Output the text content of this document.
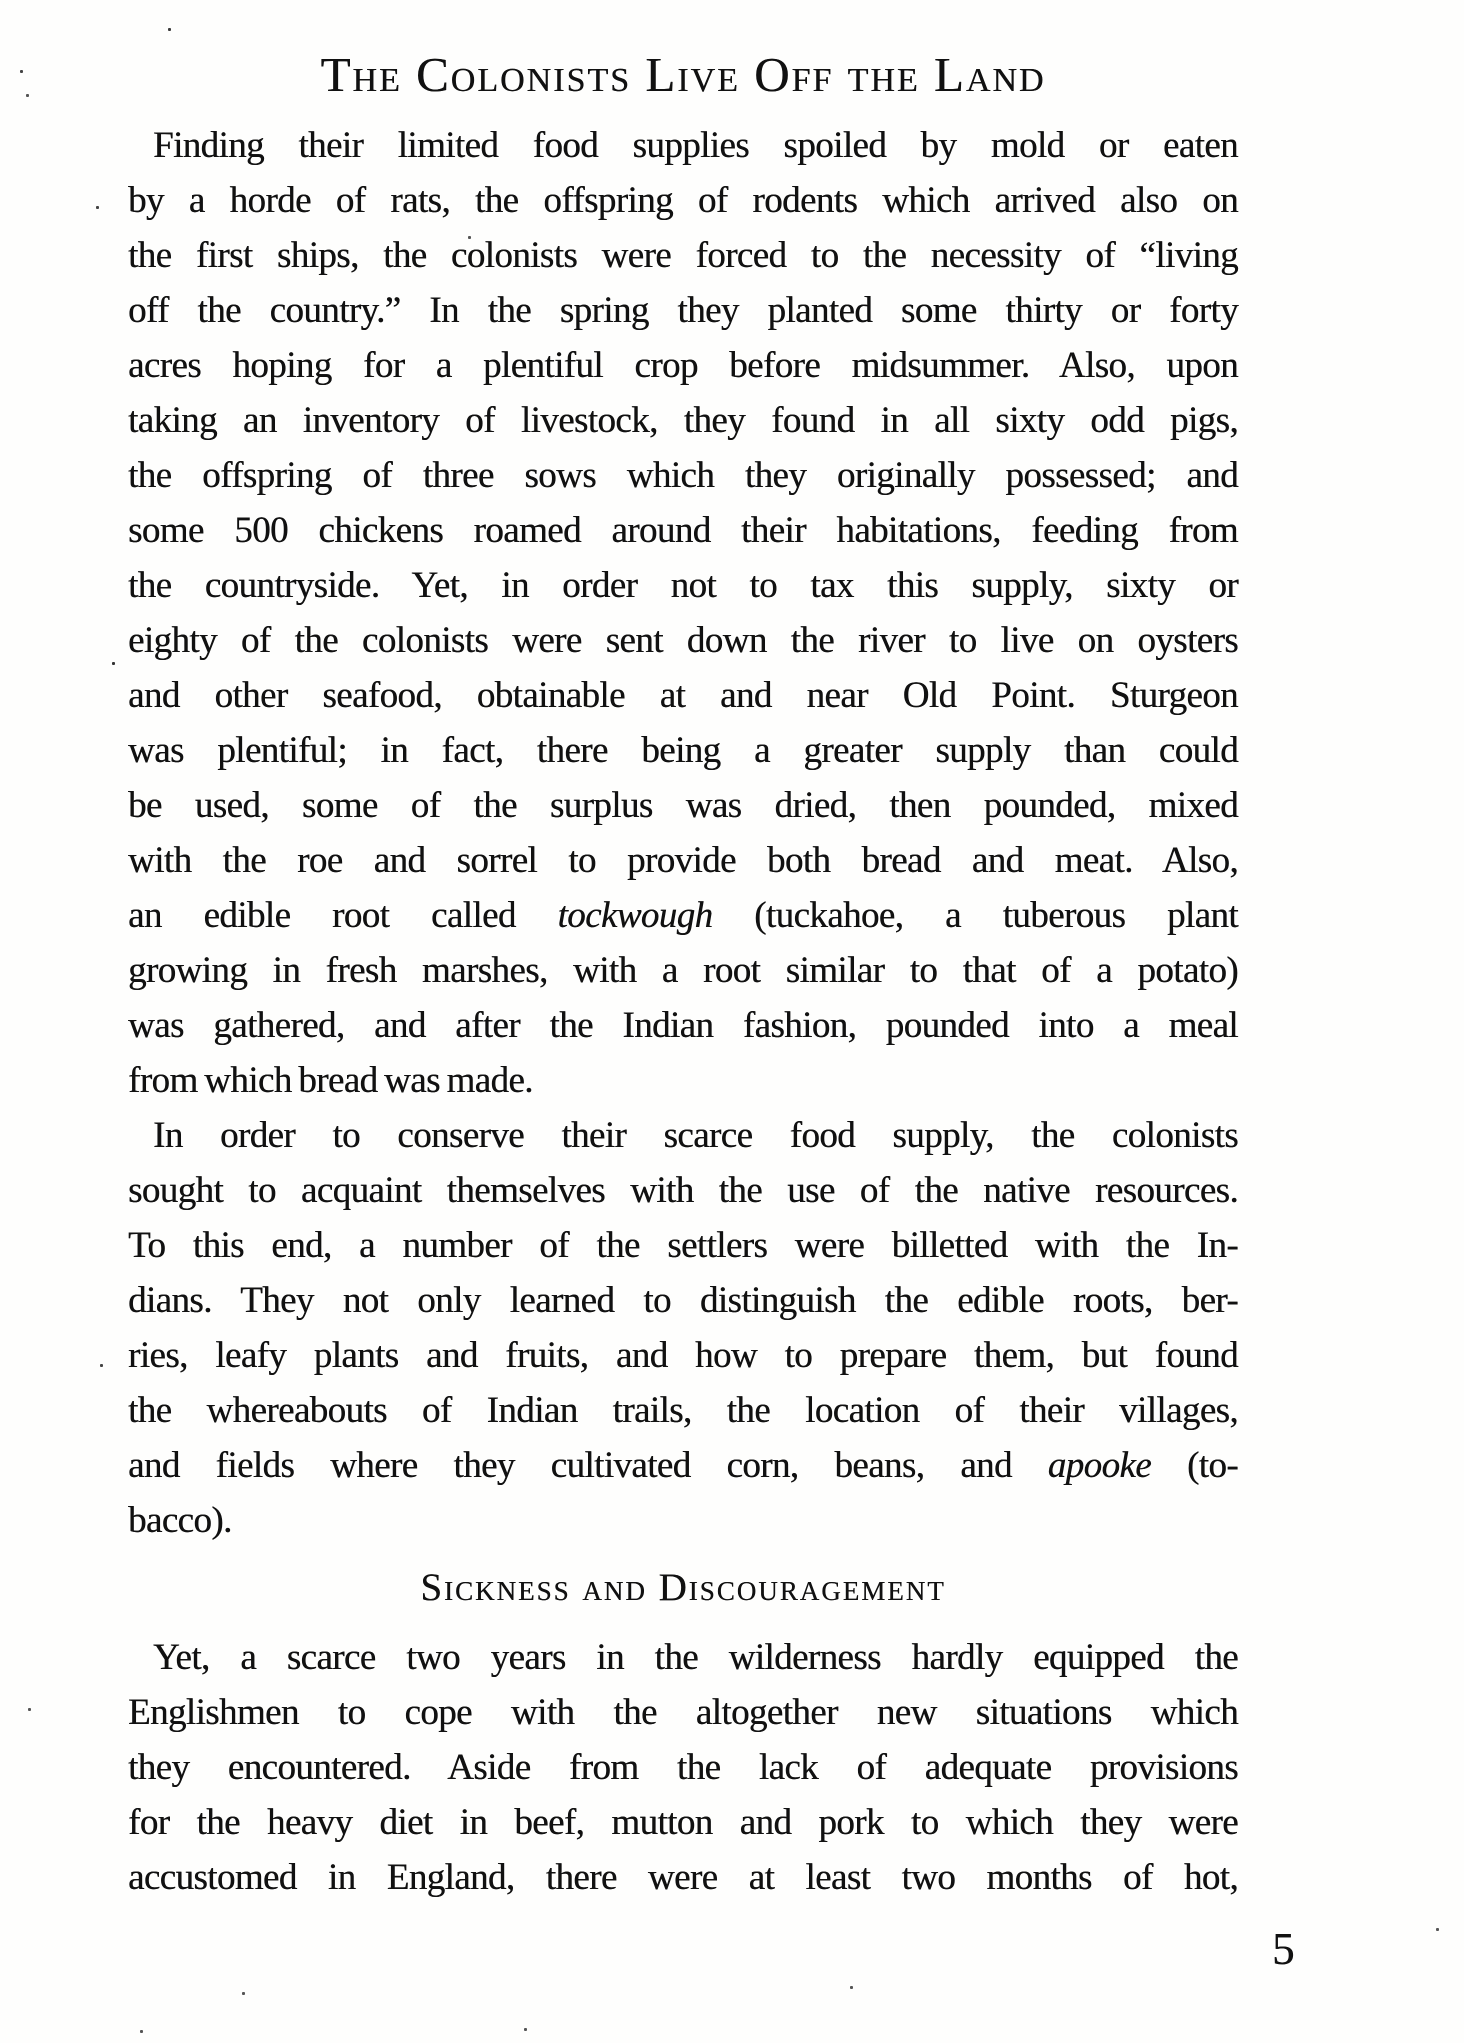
The Colonists Live Off the Land
Finding their limited food supplies spoiled by mold or eaten
by a horde of rats, the offspring of rodents which arrived also on
the first ships, the colonists were forced to the necessity of “living
off the country.” In the spring they planted some thirty or forty
acres hoping for a plentiful crop before midsummer. Also, upon
taking an inventory of livestock, they found in all sixty odd pigs,
the offspring of three sows which they originally possessed; and
some 500 chickens roamed around their habitations, feeding from
the countryside. Yet, in order not to tax this supply, sixty or
eighty of the colonists were sent down the river to live on oysters
and other seafood, obtainable at and near Old Point. Sturgeon
was plentiful; in fact, there being a greater supply than could
be used, some of the surplus was dried, then pounded, mixed
with the roe and sorrel to provide both bread and meat. Also,
an edible root called tockwough (tuckahoe, a tuberous plant
growing in fresh marshes, with a root similar to that of a potato)
was gathered, and after the Indian fashion, pounded into a meal
from which bread was made.
In order to conserve their scarce food supply, the colonists
sought to acquaint themselves with the use of the native resources.
To this end, a number of the settlers were billetted with the In-
dians. They not only learned to distinguish the edible roots, ber-
ries, leafy plants and fruits, and how to prepare them, but found
the whereabouts of Indian trails, the location of their villages,
and fields where they cultivated corn, beans, and apooke (to-
bacco).
Sickness and Discouragement
Yet, a scarce two years in the wilderness hardly equipped the
Englishmen to cope with the altogether new situations which
they encountered. Aside from the lack of adequate provisions
for the heavy diet in beef, mutton and pork to which they were
accustomed in England, there were at least two months of hot,
5
